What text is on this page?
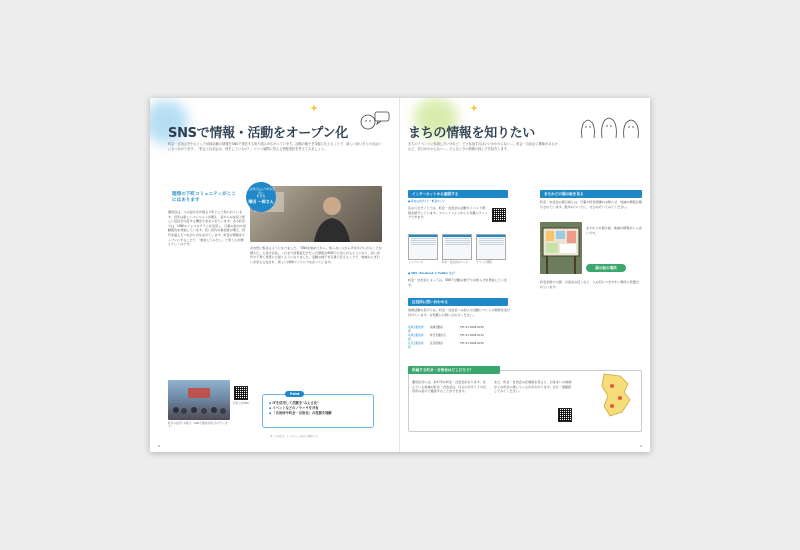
SNSで情報・活動をオープン化
町会・自治会を中心とした地域活動の情報をSNSで発信する取り組みが広がっています。活動の様子を気軽に伝えることで、新しい担い手との出会いにもつながります。「町会と自治会は、何をしているの？」という疑問に答える情報発信を考えてみましょう。
理想の下町コミュニティがここにはあります
墨田区は、人の温かさが残る下町として知られています。近年は新しいマンションが増え、昔からの住民と新しい住民が交流する機会も求められています。ある町会では、LINEやインスタグラムを活用し、行事の案内や活動報告を発信しています。若い世代の参加者が増え、世代を超えたつながりが生まれています。町会の情報をオープンにすることで、「参加してみたい」と思う人が増えていくのです。
人を呼び込んで町を元気に
町会長
増田 一郎さん
が自然に集まるようになりました。「SNSを始めてから、知らない人から声をかけられることが増えた」と話す会長。これまで回覧板だけだった情報がSNSでも見られるようになり、若い世代や子育て世帯にも届くようになりました。活動の様子を写真で伝えることで、地域のにぎわいが見える化され、新しい仲間づくりにつながっています。
町会のお祭りの様子。SNSで参加を呼びかけています。
町会公式SNS
Point
▪ ITを活用して活動を"みえる化"
▪ イベントなどのノウハウを共有
▪ 「自治体や町会・自治会」の役割を理解
※この内容は、インタビュー時点の情報です。
8
まちの情報を知りたい
まちのイベントに参加したいけれど、どう参加すればいいかわからない…。町会・自治会に興味があるけれど、窓口がわからない…。そんなときの情報の探し方を紹介します。
インターネットから確認する
● 区の公式サイト・町会ページ
区の公式サイトでは、町会・自治会の活動やイベント情報を紹介しています。スマートフォンからも気軽にチェックできます。
トップページ	町会・自治会のページ	イベント情報
● SNS（Facebook や Twitter など）
町会・自治会によっては、SNSで活動の様子やお知らせを発信しています。
区役所に問い合わせる
地域活動の窓口では、町会・自治会への加入や活動についての相談を受け付けています。お気軽にお問い合わせください。
地域活動推進課
地域活動係	TEL 03-5608-6185
地域活動推進課
町会支援担当	TEL 03-5608-6152
区民活動推進課
区民相談係	TEL 03-5608-6220
まちかどの掲示板を見る
町会・自治会の掲示板には、行事や防災訓練のお知らせ、地域の情報が掲示されています。散歩のついでに、ぜひのぞいてみてください。
まちかどの掲示板。地域の情報がいっぱいです。
掲示板の場所
町会会館や公園、交差点の近くなど、人の目につきやすい場所に設置されています。
所属する町会・自治会はどこだろう？
墨田区内には、約170の町会・自治会があります。住んでいる地域の町会・自治会は、区の公式サイトや区役所の窓口で確認することができます。
また、町会・自治会の区域図を見ると、お住まいの地域がどの町会に属しているかがわかります。ぜひ一度確認してみてください。
9
